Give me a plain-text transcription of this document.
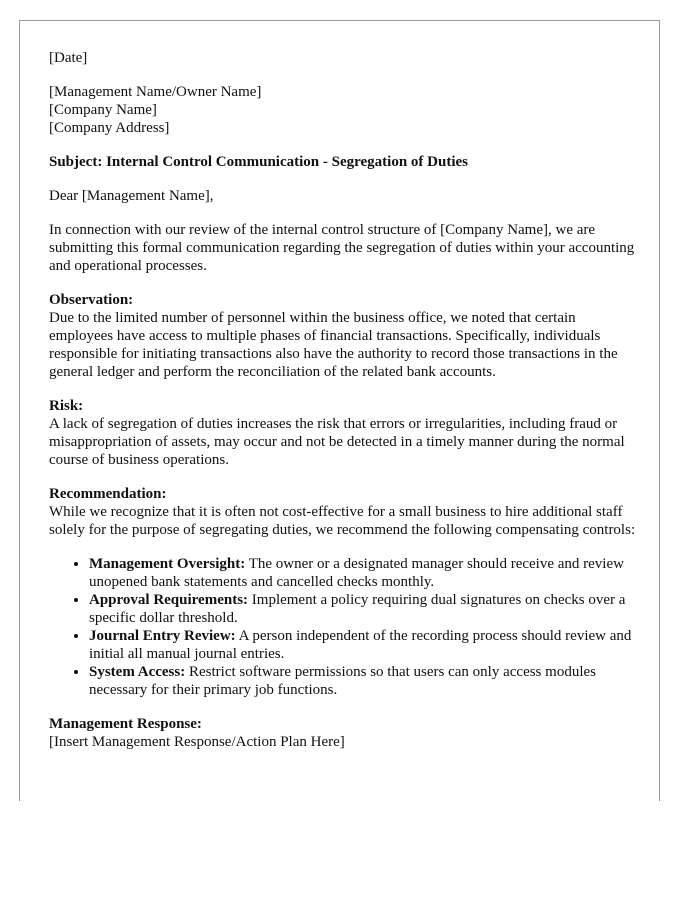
[Date]

[Management Name/Owner Name]

[Company Name]

[Company Address]

Subject: Internal Control Communication - Segregation of Duties

Dear [Management Name],

In connection with our review of the internal control structure of [Company Name], we are submitting this formal communication regarding the segregation of duties within your accounting and operational processes.

Observation:

Due to the limited number of personnel within the business office, we noted that certain employees have access to multiple phases of financial transactions. Specifically, individuals responsible for initiating transactions also have the authority to record those transactions in the general ledger and perform the reconciliation of the related bank accounts.

Risk:

A lack of segregation of duties increases the risk that errors or irregularities, including fraud or misappropriation of assets, may occur and not be detected in a timely manner during the normal course of business operations.

Recommendation:

While we recognize that it is often not cost-effective for a small business to hire additional staff solely for the purpose of segregating duties, we recommend the following compensating controls:

• Management Oversight: The owner or a designated manager should receive and review unopened bank statements and cancelled checks monthly.
• Approval Requirements: Implement a policy requiring dual signatures on checks over a specific dollar threshold.
• Journal Entry Review: A person independent of the recording process should review and initial all manual journal entries.
• System Access: Restrict software permissions so that users can only access modules necessary for their primary job functions.

Management Response:

[Insert Management Response/Action Plan Here]
